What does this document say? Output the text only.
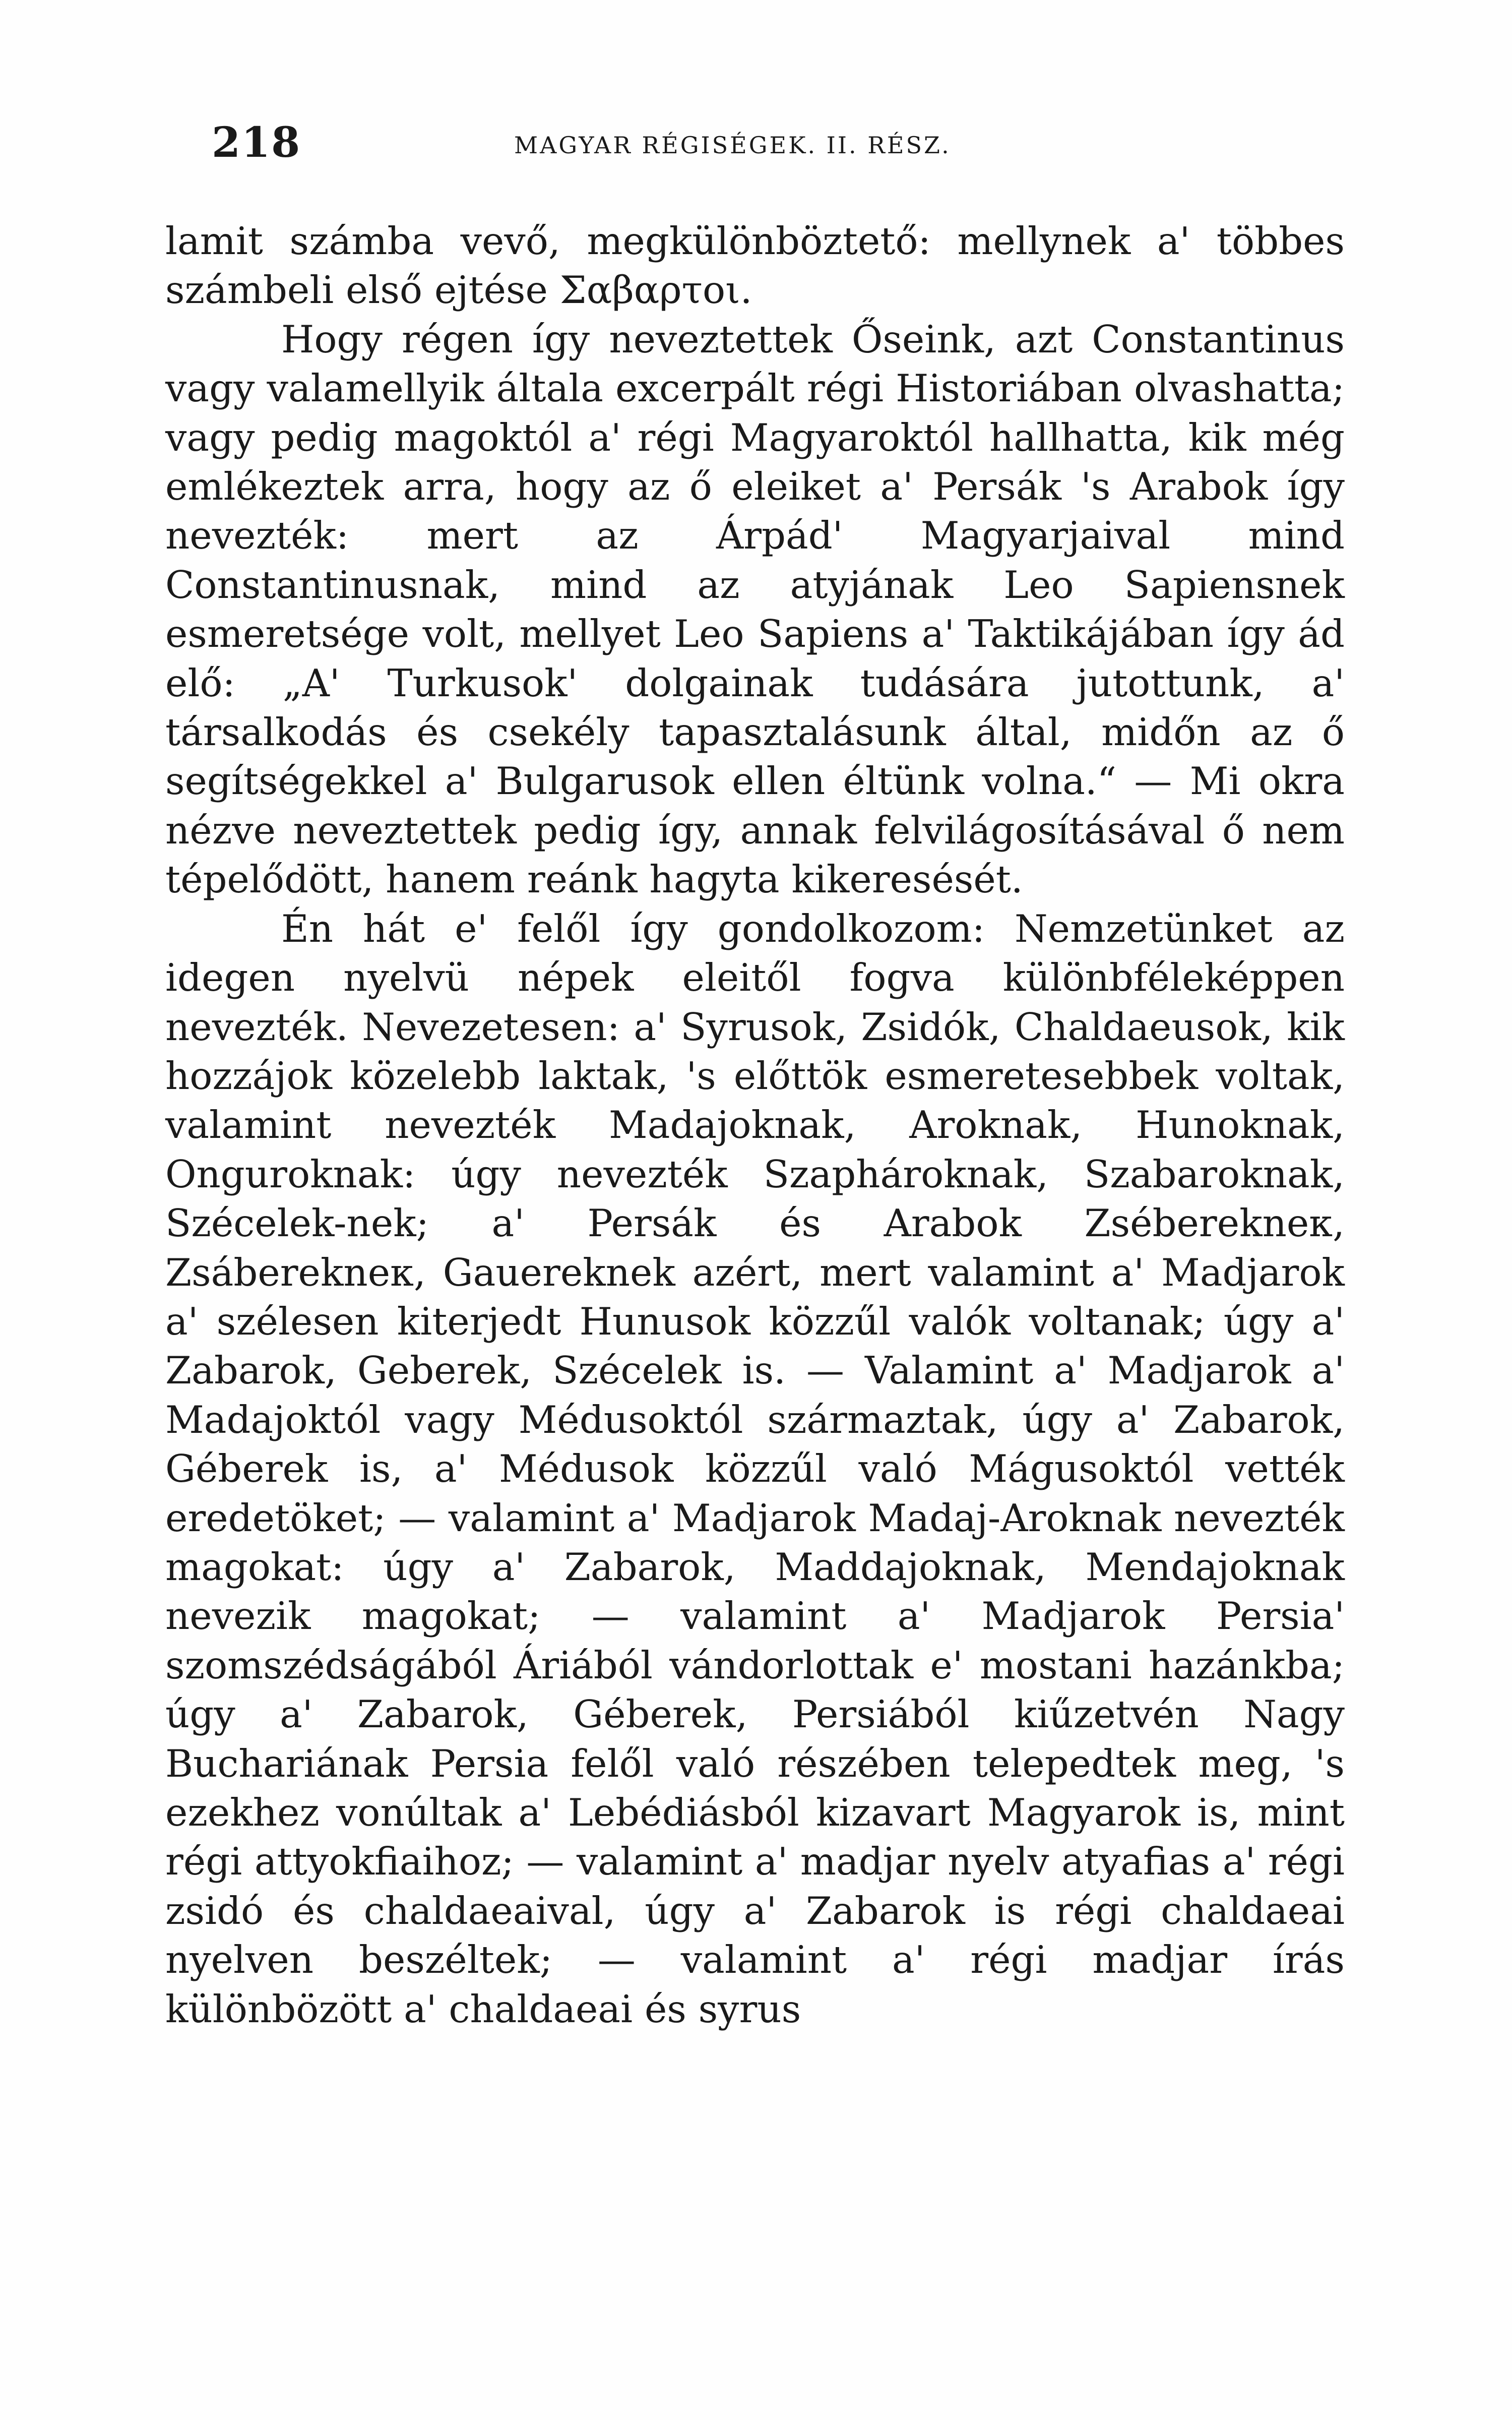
218	MAGYAR RÉGISÉGEK. II. RÉSZ.

lamit számba vevő, megkülönböztető: mellynek a' többes számbeli első ejtése Σαβαρτοι.

Hogy régen így neveztettek Őseink, azt Constantinus vagy valamellyik általa excerpált régi Historiában olvashatta; vagy pedig magoktól a' régi Magyaroktól hallhatta, kik még emlékeztek arra, hogy az ő eleiket a' Persák 's Arabok így nevezték: mert az Árpád' Magyarjaival mind Constantinusnak, mind az atyjának Leo Sapiensnek esmeretsége volt, mellyet Leo Sapiens a' Taktikájában így ád elő: „A' Turkusok' dolgainak tudására jutottunk, a' társalkodás és csekély tapasztalásunk által, midőn az ő segítségekkel a' Bulgarusok ellen éltünk volna.“ — Mi okra nézve neveztettek pedig így, annak felvilágosításával ő nem tépelődött, hanem reánk hagyta kikeresését.

Én hát e' felől így gondolkozom: Nemzetünket az idegen nyelvü népek eleitől fogva különbféleképpen nevezték. Nevezetesen: a' Syrusok, Zsidók, Chaldaeusok, kik hozzájok közelebb laktak, 's előttök esmeretesebbek voltak, valamint nevezték Madajoknak, Aroknak, Hunoknak, Onguroknak: úgy nevezték Szaphároknak, Szabaroknak, Szécelek-nek; a' Persák és Arabok Zséberekneк, Zsáberekneк, Gauereknek azért, mert valamint a' Madjarok a' szélesen kiterjedt Hunusok közzűl valók voltanak; úgy a' Zabarok, Geberek, Szécelek is. — Valamint a' Madjarok a' Madajoktól vagy Médusoktól származtak, úgy a' Zabarok, Géberek is, a' Médusok közzűl való Mágusoktól vették eredetöket; — valamint a' Madjarok Madaj-Aroknak nevezték magokat: úgy a' Zabarok, Maddajoknak, Mendajoknak nevezik magokat; — valamint a' Madjarok Persia' szomszédságából Áriából vándorlottak e' mostani hazánkba; úgy a' Zabarok, Géberek, Persiából kiűzetvén Nagy Buchariának Persia felől való részében telepedtek meg, 's ezekhez vonúltak a' Lebédiásból kizavart Magyarok is, mint régi attyokfiaihoz; — valamint a' madjar nyelv atyafias a' régi zsidó és chaldaeaival, úgy a' Zabarok is régi chaldaeai nyelven beszéltek; — valamint a' régi madjar írás különbözött a' chaldaeai és syrus
